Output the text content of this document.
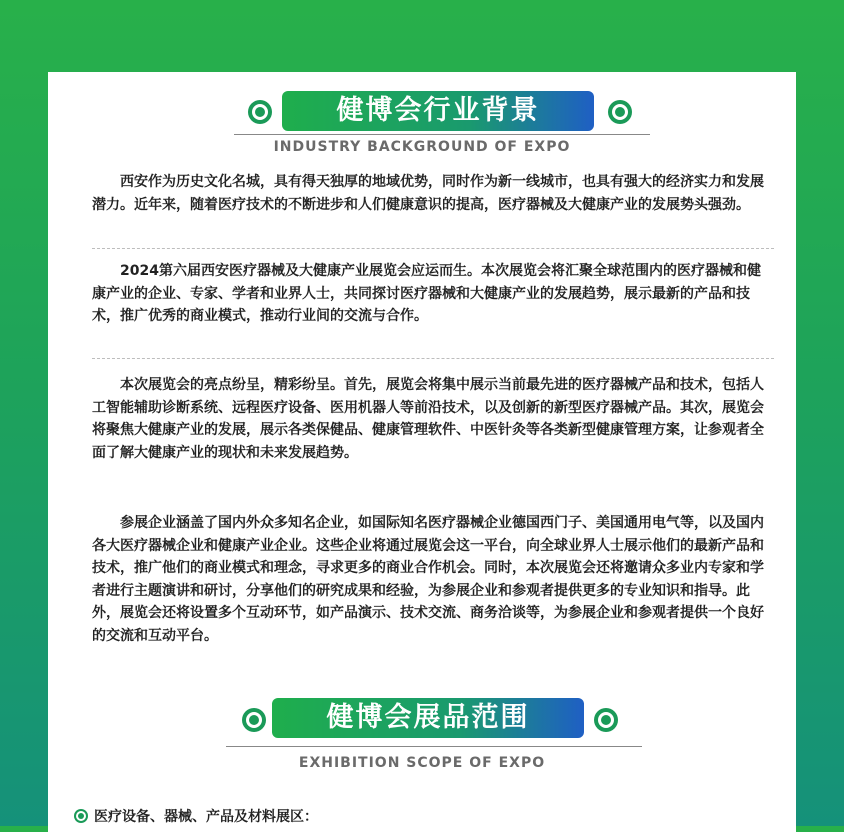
健博会行业背景
INDUSTRY BACKGROUND OF EXPO

西安作为历史文化名城，具有得天独厚的地域优势，同时作为新一线城市，也具有强大的经济实力和发展潜力。近年来，随着医疗技术的不断进步和人们健康意识的提高，医疗器械及大健康产业的发展势头强劲。

2024第六届西安医疗器械及大健康产业展览会应运而生。本次展览会将汇聚全球范围内的医疗器械和健康产业的企业、专家、学者和业界人士，共同探讨医疗器械和大健康产业的发展趋势，展示最新的产品和技术，推广优秀的商业模式，推动行业间的交流与合作。

本次展览会的亮点纷呈，精彩纷呈。首先，展览会将集中展示当前最先进的医疗器械产品和技术，包括人工智能辅助诊断系统、远程医疗设备、医用机器人等前沿技术，以及创新的新型医疗器械产品。其次，展览会将聚焦大健康产业的发展，展示各类保健品、健康管理软件、中医针灸等各类新型健康管理方案，让参观者全面了解大健康产业的现状和未来发展趋势。

参展企业涵盖了国内外众多知名企业，如国际知名医疗器械企业德国西门子、美国通用电气等，以及国内各大医疗器械企业和健康产业企业。这些企业将通过展览会这一平台，向全球业界人士展示他们的最新产品和技术，推广他们的商业模式和理念，寻求更多的商业合作机会。同时，本次展览会还将邀请众多业内专家和学者进行主题演讲和研讨，分享他们的研究成果和经验，为参展企业和参观者提供更多的专业知识和指导。此外，展览会还将设置多个互动环节，如产品演示、技术交流、商务洽谈等，为参展企业和参观者提供一个良好的交流和互动平台。

健博会展品范围
EXHIBITION SCOPE OF EXPO
医疗设备、器械、产品及材料展区：
